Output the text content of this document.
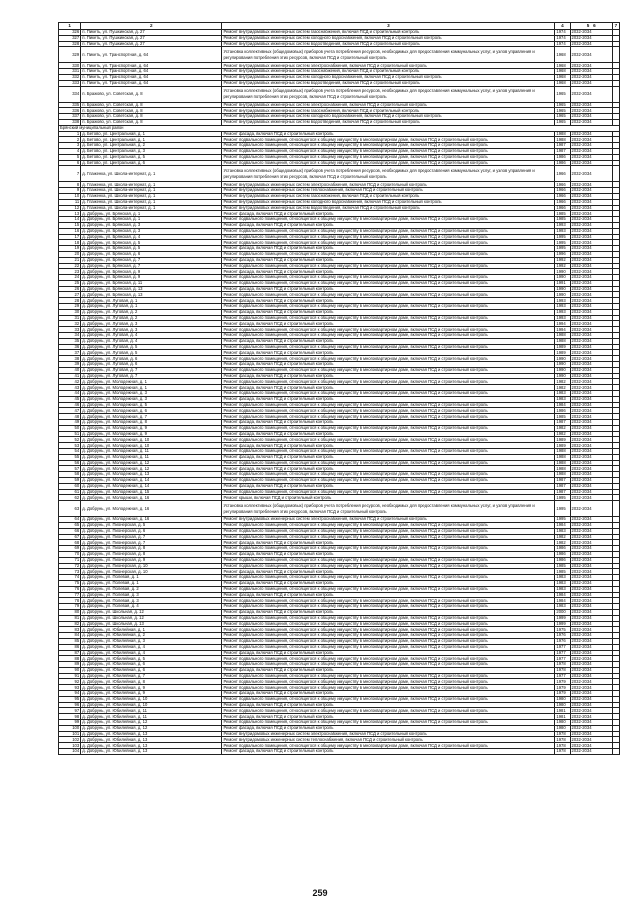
1	2	3	4	5 6	7
326	п. Пикеть, ул. Пушкинская, д. 27	Ремонт внутридомовых инженерных систем газоснабжения, включая ПСД и строительный контроль	1974	2032-2034	
327	п. Пикеть, ул. Пушкинская, д. 27	Ремонт внутридомовых инженерных систем холодного водоснабжения, включая ПСД и строительный контроль	1974	2032-2034	
328	п. Пикеть, ул. Пушкинская, д. 27	Ремонт внутридомовых инженерных систем водоотведения, включая ПСД и строительный контроль	1974	2032-2034	
329	п. Пикеть, ул. Транспортная, д. 64	Установка коллективных (общедомовых) приборов учета потребления ресурсов, необходимых для предоставления коммунальных услуг, и узлов управления и регулирования потребления этих ресурсов, включая ПСД и строительный контроль	1968	2032-2034	
330	п. Пикеть, ул. Транспортная, д. 64	Ремонт внутридомовых инженерных систем электроснабжения, включая ПСД и строительный контроль	1968	2032-2034	
331	п. Пикеть, ул. Транспортная, д. 64	Ремонт внутридомовых инженерных систем газоснабжения, включая ПСД и строительный контроль	1968	2032-2034	
332	п. Пикеть, ул. Транспортная, д. 64	Ремонт внутридомовых инженерных систем холодного водоснабжения, включая ПСД и строительный контроль	1968	2032-2034	
333	п. Пикеть, ул. Транспортная, д. 64	Ремонт внутридомовых инженерных систем водоотведения, включая ПСД и строительный контроль	1968	2032-2034	
334	п. Бражово, ул. Советская, д. 8	Установка коллективных (общедомовых) приборов учета потребления ресурсов, необходимых для предоставления коммунальных услуг, и узлов управления и регулирования потребления этих ресурсов, включая ПСД и строительный контроль	1965	2032-2034	
335	п. Бражово, ул. Советская, д. 8	Ремонт внутридомовых инженерных систем электроснабжения, включая ПСД и строительный контроль	1965	2032-2034	
336	п. Бражово, ул. Советская, д. 8	Ремонт внутридомовых инженерных систем газоснабжения, включая ПСД и строительный контроль	1965	2032-2034	
337	п. Бражово, ул. Советская, д. 8	Ремонт внутридомовых инженерных систем холодного водоснабжения, включая ПСД и строительный контроль	1965	2032-2034	
338	п. Бражово, ул. Советская, д. 8	Ремонт внутридомовых инженерных систем водоотведения, включая ПСД и строительный контроль	1965	2032-2034	
Брянский муниципальный район					
1	д. Бетово, ул. Центральная, д. 1	Ремонт фасада, включая ПСД и строительный контроль	1988	2032-2034	
2	д. Бетово, ул. Центральная, д. 1	Ремонт подвального помещения, относящегося к общему имуществу в многоквартирном доме, включая ПСД и строительный контроль	1988	2032-2034	
3	д. Бетово, ул. Центральная, д. 2	Ремонт подвального помещения, относящегося к общему имуществу в многоквартирном доме, включая ПСД и строительный контроль	1987	2032-2034	
4	д. Бетово, ул. Центральная, д. 3	Ремонт подвального помещения, относящегося к общему имуществу в многоквартирном доме, включая ПСД и строительный контроль	1987	2032-2034	
5	д. Бетово, ул. Центральная, д. 5	Ремонт подвального помещения, относящегося к общему имуществу в многоквартирном доме, включая ПСД и строительный контроль	1986	2032-2034	
6	д. Бетово, ул. Центральная, д. 6	Ремонт подвального помещения, относящегося к общему имуществу в многоквартирном доме, включая ПСД и строительный контроль	1986	2032-2034	
7	д. Глаженка, ул. Школа-интернат, д. 1	Установка коллективных (общедомовых) приборов учета потребления ресурсов, необходимых для предоставления коммунальных услуг, и узлов управления и регулирования потребления этих ресурсов, включая ПСД и строительный контроль	1966	2032-2034	
8	д. Глаженка, ул. Школа-интернат, д. 1	Ремонт внутридомовых инженерных систем электроснабжения, включая ПСД и строительный контроль	1966	2032-2034	
9	д. Глаженка, ул. Школа-интернат, д. 1	Ремонт внутридомовых инженерных систем теплоснабжения, включая ПСД и строительный контроль	1966	2032-2034	
10	д. Глаженка, ул. Школа-интернат, д. 1	Ремонт внутридомовых инженерных систем газоснабжения, включая ПСД и строительный контроль	1966	2032-2034	
11	д. Глаженка, ул. Школа-интернат, д. 1	Ремонт внутридомовых инженерных систем холодного водоснабжения, включая ПСД и строительный контроль	1966	2032-2034	
12	д. Глаженка, ул. Школа-интернат, д. 1	Ремонт внутридомовых инженерных систем водоотведения, включая ПСД и строительный контроль	1966	2032-2034	
13	д. Добрунь, ул. Брянская, д. 1	Ремонт фасада, включая ПСД и строительный контроль	1985	2032-2034	
14	д. Добрунь, ул. Брянская, д. 1	Ремонт подвального помещения, относящегося к общему имуществу в многоквартирном доме, включая ПСД и строительный контроль	1985	2032-2034	
15	д. Добрунь, ул. Брянская, д. 3	Ремонт фасада, включая ПСД и строительный контроль	1993	2032-2034	
16	д. Добрунь, ул. Брянская, д. 3	Ремонт подвального помещения, относящегося к общему имуществу в многоквартирном доме, включая ПСД и строительный контроль	1993	2032-2034	
17	д. Добрунь, ул. Брянская, д. 4	Ремонт подвального помещения, относящегося к общему имуществу в многоквартирном доме, включая ПСД и строительный контроль	1995	2032-2034	
18	д. Добрунь, ул. Брянская, д. 5	Ремонт подвального помещения, относящегося к общему имуществу в многоквартирном доме, включая ПСД и строительный контроль	1995	2032-2034	
19	д. Добрунь, ул. Брянская, д. 5	Ремонт фасада, включая ПСД и строительный контроль	1995	2032-2034	
20	д. Добрунь, ул. Брянская, д. 6	Ремонт подвального помещения, относящегося к общему имуществу в многоквартирном доме, включая ПСД и строительный контроль	1996	2032-2034	
21	д. Добрунь, ул. Брянская, д. 7	Ремонт фасада, включая ПСД и строительный контроль	1992	2032-2034	
22	д. Добрунь, ул. Брянская, д. 7	Ремонт подвального помещения, относящегося к общему имуществу в многоквартирном доме, включая ПСД и строительный контроль	1992	2032-2034	
23	д. Добрунь, ул. Брянская, д. 9	Ремонт фасада, включая ПСД и строительный контроль	1990	2032-2034	
24	д. Добрунь, ул. Брянская, д. 9	Ремонт подвального помещения, относящегося к общему имуществу в многоквартирном доме, включая ПСД и строительный контроль	1990	2032-2034	
25	д. Добрунь, ул. Брянская, д. 11	Ремонт подвального помещения, относящегося к общему имуществу в многоквартирном доме, включая ПСД и строительный контроль	1991	2032-2034	
26	д. Добрунь, ул. Брянская, д. 13	Ремонт фасада, включая ПСД и строительный контроль	1990	2032-2034	
27	д. Добрунь, ул. Брянская, д. 13	Ремонт подвального помещения, относящегося к общему имуществу в многоквартирном доме, включая ПСД и строительный контроль	1990	2032-2034	
28	д. Добрунь, ул. Луговая, д. 1	Ремонт фасада, включая ПСД и строительный контроль	1993	2032-2034	
29	д. Добрунь, ул. Луговая, д. 1	Ремонт подвального помещения, относящегося к общему имуществу в многоквартирном доме, включая ПСД и строительный контроль	1993	2032-2034	
30	д. Добрунь, ул. Луговая, д. 2	Ремонт фасада, включая ПСД и строительный контроль	1993	2032-2034	
31	д. Добрунь, ул. Луговая, д. 2	Ремонт подвального помещения, относящегося к общему имуществу в многоквартирном доме, включая ПСД и строительный контроль	1993	2032-2034	
32	д. Добрунь, ул. Луговая, д. 3	Ремонт фасада, включая ПСД и строительный контроль	1994	2032-2034	
33	д. Добрунь, ул. Луговая, д. 3	Ремонт подвального помещения, относящегося к общему имуществу в многоквартирном доме, включая ПСД и строительный контроль	1994	2032-2034	
34	д. Добрунь, ул. Луговая, д. 4	Ремонт подвального помещения, относящегося к общему имуществу в многоквартирном доме, включая ПСД и строительный контроль	1988	2032-2034	
35	д. Добрунь, ул. Луговая, д. 4	Ремонт фасада, включая ПСД и строительный контроль	1988	2032-2034	
36	д. Добрунь, ул. Луговая, д. 5	Ремонт подвального помещения, относящегося к общему имуществу в многоквартирном доме, включая ПСД и строительный контроль	1989	2032-2034	
37	д. Добрунь, ул. Луговая, д. 5	Ремонт фасада, включая ПСД и строительный контроль	1989	2032-2034	
38	д. Добрунь, ул. Луговая, д. 6	Ремонт подвального помещения, относящегося к общему имуществу в многоквартирном доме, включая ПСД и строительный контроль	1990	2032-2034	
39	д. Добрунь, ул. Луговая, д. 6	Ремонт фасада, включая ПСД и строительный контроль	1990	2032-2034	
40	д. Добрунь, ул. Луговая, д. 7	Ремонт подвального помещения, относящегося к общему имуществу в многоквартирном доме, включая ПСД и строительный контроль	1990	2032-2034	
41	д. Добрунь, ул. Луговая, д. 7	Ремонт фасада, включая ПСД и строительный контроль	1990	2032-2034	
42	д. Добрунь, ул. Молодежная, д. 1	Ремонт подвального помещения, относящегося к общему имуществу в многоквартирном доме, включая ПСД и строительный контроль	1982	2032-2034	
43	д. Добрунь, ул. Молодежная, д. 1	Ремонт фасада, включая ПСД и строительный контроль	1982	2032-2034	
44	д. Добрунь, ул. Молодежная, д. 3	Ремонт подвального помещения, относящегося к общему имуществу в многоквартирном доме, включая ПСД и строительный контроль	1983	2032-2034	
45	д. Добрунь, ул. Молодежная, д. 3	Ремонт фасада, включая ПСД и строительный контроль	1983	2032-2034	
46	д. Добрунь, ул. Молодежная, д. 5	Ремонт подвального помещения, относящегося к общему имуществу в многоквартирном доме, включая ПСД и строительный контроль	1984	2032-2034	
47	д. Добрунь, ул. Молодежная, д. 6	Ремонт подвального помещения, относящегося к общему имуществу в многоквартирном доме, включая ПСД и строительный контроль	1986	2032-2034	
48	д. Добрунь, ул. Молодежная, д. 7	Ремонт подвального помещения, относящегося к общему имуществу в многоквартирном доме, включая ПСД и строительный контроль	1985	2032-2034	
49	д. Добрунь, ул. Молодежная, д. 8	Ремонт фасада, включая ПСД и строительный контроль	1987	2032-2034	
50	д. Добрунь, ул. Молодежная, д. 9	Ремонт подвального помещения, относящегося к общему имуществу в многоквартирном доме, включая ПСД и строительный контроль	1982	2032-2034	
51	д. Добрунь, ул. Молодежная, д. 9	Ремонт фасада, включая ПСД и строительный контроль	1982	2032-2034	
52	д. Добрунь, ул. Молодежная, д. 10	Ремонт подвального помещения, относящегося к общему имуществу в многоквартирном доме, включая ПСД и строительный контроль	1989	2032-2034	
53	д. Добрунь, ул. Молодежная, д. 10	Ремонт фасада, включая ПСД и строительный контроль	1989	2032-2034	
54	д. Добрунь, ул. Молодежная, д. 11	Ремонт подвального помещения, относящегося к общему имуществу в многоквартирном доме, включая ПСД и строительный контроль	1988	2032-2034	
55	д. Добрунь, ул. Молодежная, д. 11	Ремонт фасада, включая ПСД и строительный контроль	1988	2032-2034	
56	д. Добрунь, ул. Молодежная, д. 12	Ремонт подвального помещения, относящегося к общему имуществу в многоквартирном доме, включая ПСД и строительный контроль	1988	2032-2034	
57	д. Добрунь, ул. Молодежная, д. 12	Ремонт фасада, включая ПСД и строительный контроль	1988	2032-2034	
58	д. Добрунь, ул. Молодежная, д. 13	Ремонт подвального помещения, относящегося к общему имуществу в многоквартирном доме, включая ПСД и строительный контроль	1988	2032-2034	
59	д. Добрунь, ул. Молодежная, д. 14	Ремонт подвального помещения, относящегося к общему имуществу в многоквартирном доме, включая ПСД и строительный контроль	1987	2032-2034	
60	д. Добрунь, ул. Молодежная, д. 14	Ремонт фасада, включая ПСД и строительный контроль	1987	2032-2034	
61	д. Добрунь, ул. Молодежная, д. 15	Ремонт подвального помещения, относящегося к общему имуществу в многоквартирном доме, включая ПСД и строительный контроль	1987	2032-2034	
62	д. Добрунь, ул. Молодежная, д. 16	Ремонт крыши, включая ПСД и строительный контроль	1995	2032-2034	
63	д. Добрунь, ул. Молодежная, д. 16	Установка коллективных (общедомовых) приборов учета потребления ресурсов, необходимых для предоставления коммунальных услуг, и узлов управления и регулирования потребления этих ресурсов, включая ПСД и строительный контроль	1995	2032-2034	
64	д. Добрунь, ул. Молодежная, д. 16	Ремонт внутридомовых инженерных систем электроснабжения, включая ПСД и строительный контроль	1995	2032-2034	
65	д. Добрунь, ул. Пионерская, д. 5	Ремонт подвального помещения, относящегося к общему имуществу в многоквартирном доме, включая ПСД и строительный контроль	1984	2032-2034	
66	д. Добрунь, ул. Пионерская, д. 6	Ремонт подвального помещения, относящегося к общему имуществу в многоквартирном доме, включая ПСД и строительный контроль	1983	2032-2034	
67	д. Добрунь, ул. Пионерская, д. 7	Ремонт подвального помещения, относящегося к общему имуществу в многоквартирном доме, включая ПСД и строительный контроль	1982	2032-2034	
68	д. Добрунь, ул. Пионерская, д. 7	Ремонт фасада, включая ПСД и строительный контроль	1982	2032-2034	
69	д. Добрунь, ул. Пионерская, д. 8	Ремонт подвального помещения, относящегося к общему имуществу в многоквартирном доме, включая ПСД и строительный контроль	1986	2032-2034	
70	д. Добрунь, ул. Пионерская, д. 8	Ремонт фасада, включая ПСД и строительный контроль	1986	2032-2034	
71	д. Добрунь, ул. Пионерская, д. 9	Ремонт подвального помещения, относящегося к общему имуществу в многоквартирном доме, включая ПСД и строительный контроль	1986	2032-2034	
72	д. Добрунь, ул. Пионерская, д. 10	Ремонт подвального помещения, относящегося к общему имуществу в многоквартирном доме, включая ПСД и строительный контроль	1985	2032-2034	
73	д. Добрунь, ул. Пионерская, д. 10	Ремонт фасада, включая ПСД и строительный контроль	1985	2032-2034	
74	д. Добрунь, ул. Полевая, д. 1	Ремонт подвального помещения, относящегося к общему имуществу в многоквартирном доме, включая ПСД и строительный контроль	1983	2032-2034	
75	д. Добрунь, ул. Полевая, д. 1	Ремонт фасада, включая ПСД и строительный контроль	1983	2032-2034	
76	д. Добрунь, ул. Полевая, д. 2	Ремонт подвального помещения, относящегося к общему имуществу в многоквартирном доме, включая ПСД и строительный контроль	1983	2032-2034	
77	д. Добрунь, ул. Полевая, д. 3	Ремонт фасада, включая ПСД и строительный контроль	1984	2032-2034	
78	д. Добрунь, ул. Полевая, д. 3	Ремонт подвального помещения, относящегося к общему имуществу в многоквартирном доме, включая ПСД и строительный контроль	1984	2032-2034	
79	д. Добрунь, ул. Полевая, д. 4	Ремонт подвального помещения, относящегося к общему имуществу в многоквартирном доме, включая ПСД и строительный контроль	1983	2032-2034	
80	д. Добрунь, ул. Школьная, д. 12	Ремонт фасада, включая ПСД и строительный контроль	2000	2032-2034	
81	д. Добрунь, ул. Школьная, д. 12	Ремонт подвального помещения, относящегося к общему имуществу в многоквартирном доме, включая ПСД и строительный контроль	1999	2032-2034	
82	д. Добрунь, ул. Школьная, д. 13	Ремонт подвального помещения, относящегося к общему имуществу в многоквартирном доме, включая ПСД и строительный контроль	1999	2032-2034	
83	д. Добрунь, ул. Юбилейная, д. 1	Ремонт подвального помещения, относящегося к общему имуществу в многоквартирном доме, включая ПСД и строительный контроль	1975	2032-2034	
84	д. Добрунь, ул. Юбилейная, д. 2	Ремонт подвального помещения, относящегося к общему имуществу в многоквартирном доме, включая ПСД и строительный контроль	1976	2032-2034	
85	д. Добрунь, ул. Юбилейная, д. 3	Ремонт подвального помещения, относящегося к общему имуществу в многоквартирном доме, включая ПСД и строительный контроль	1976	2032-2034	
86	д. Добрунь, ул. Юбилейная, д. 4	Ремонт подвального помещения, относящегося к общему имуществу в многоквартирном доме, включая ПСД и строительный контроль	1977	2032-2034	
87	д. Добрунь, ул. Юбилейная, д. 4	Ремонт фасада, включая ПСД и строительный контроль	1977	2032-2034	
88	д. Добрунь, ул. Юбилейная, д. 5	Ремонт подвального помещения, относящегося к общему имуществу в многоквартирном доме, включая ПСД и строительный контроль	1977	2032-2034	
89	д. Добрунь, ул. Юбилейная, д. 6	Ремонт подвального помещения, относящегося к общему имуществу в многоквартирном доме, включая ПСД и строительный контроль	1978	2032-2034	
90	д. Добрунь, ул. Юбилейная, д. 6	Ремонт фасада, включая ПСД и строительный контроль	1978	2032-2034	
91	д. Добрунь, ул. Юбилейная, д. 7	Ремонт подвального помещения, относящегося к общему имуществу в многоквартирном доме, включая ПСД и строительный контроль	1977	2032-2034	
92	д. Добрунь, ул. Юбилейная, д. 8	Ремонт подвального помещения, относящегося к общему имуществу в многоквартирном доме, включая ПСД и строительный контроль	1979	2032-2034	
93	д. Добрунь, ул. Юбилейная, д. 9	Ремонт подвального помещения, относящегося к общему имуществу в многоквартирном доме, включая ПСД и строительный контроль	1979	2032-2034	
94	д. Добрунь, ул. Юбилейная, д. 9	Ремонт фасада, включая ПСД и строительный контроль	1979	2032-2034	
95	д. Добрунь, ул. Юбилейная, д. 10	Ремонт подвального помещения, относящегося к общему имуществу в многоквартирном доме, включая ПСД и строительный контроль	1980	2032-2034	
96	д. Добрунь, ул. Юбилейная, д. 10	Ремонт фасада, включая ПСД и строительный контроль	1980	2032-2034	
97	д. Добрунь, ул. Юбилейная, д. 11	Ремонт подвального помещения, относящегося к общему имуществу в многоквартирном доме, включая ПСД и строительный контроль	1981	2032-2034	
98	д. Добрунь, ул. Юбилейная, д. 11	Ремонт фасада, включая ПСД и строительный контроль	1981	2032-2034	
99	д. Добрунь, ул. Юбилейная, д. 12	Ремонт подвального помещения, относящегося к общему имуществу в многоквартирном доме, включая ПСД и строительный контроль	1980	2032-2034	
100	д. Добрунь, ул. Юбилейная, д. 12	Ремонт фасада, включая ПСД и строительный контроль	1980	2032-2034	
101	д. Добрунь, ул. Юбилейная, д. 13	Ремонт внутридомовых инженерных систем электроснабжения, включая ПСД и строительный контроль	1978	2032-2034	
102	д. Добрунь, ул. Юбилейная, д. 13	Ремонт внутридомовых инженерных систем теплоснабжения, включая ПСД и строительный контроль	1978	2032-2034	
103	д. Добрунь, ул. Юбилейная, д. 13	Ремонт подвального помещения, относящегося к общему имуществу в многоквартирном доме, включая ПСД и строительный контроль	1978	2032-2034	
104	д. Добрунь, ул. Юбилейная, д. 13	Ремонт фасада, включая ПСД и строительный контроль	1978	2032-2034	
259
